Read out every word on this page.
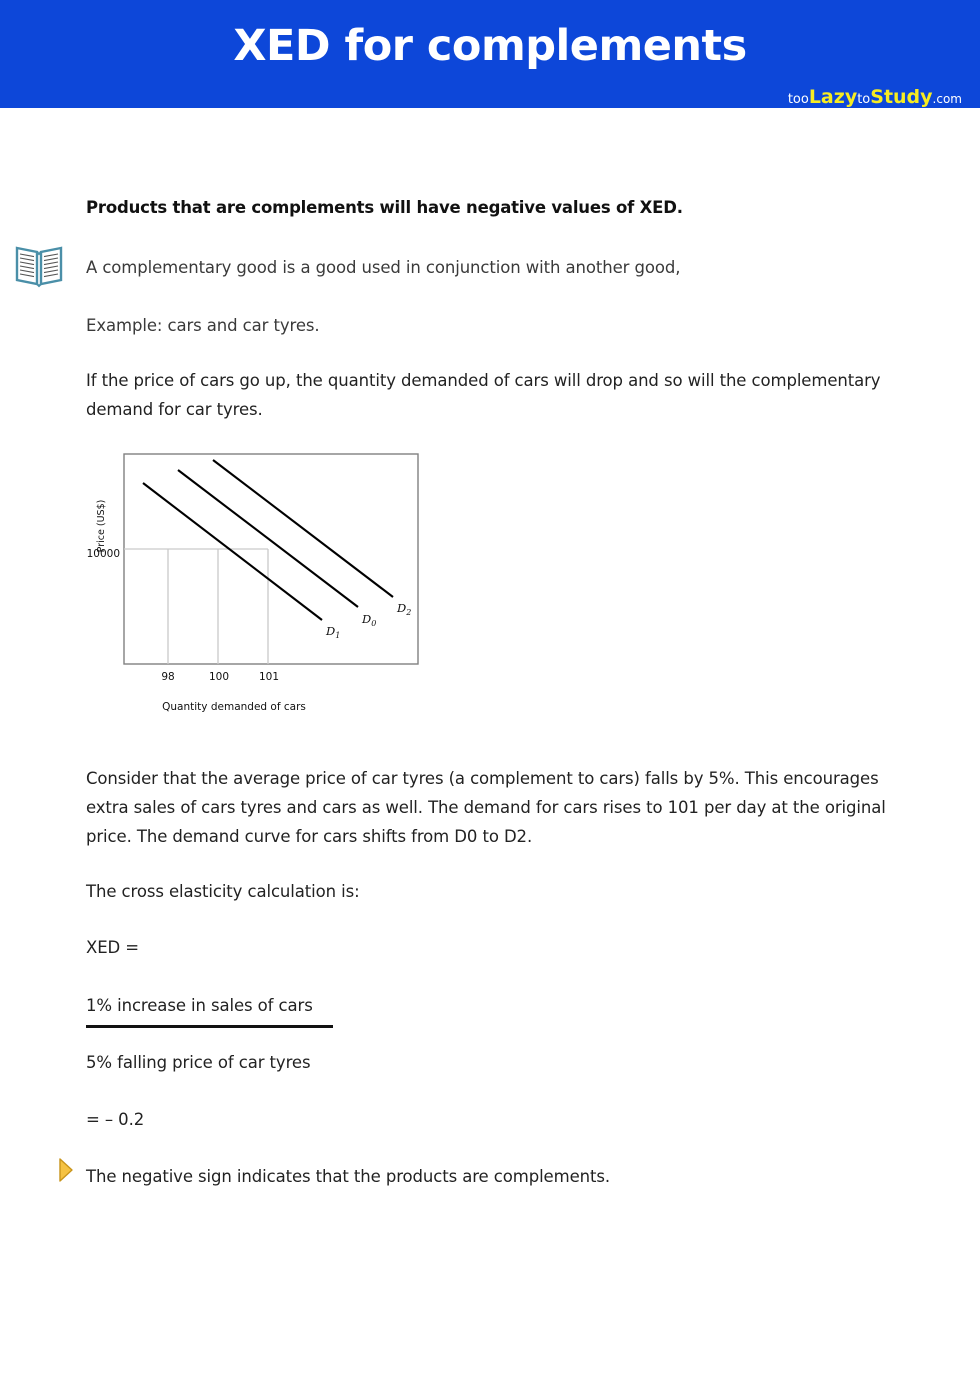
XED for complements
tooLazytoStudy.com
Products that are complements will have negative values of XED.
A complementary good is a good used in conjunction with another good,
Example: cars and car tyres.
If the price of cars go up, the quantity demanded of cars will drop and so will the complementary demand for car tyres.
$D_1$
$D_0$
$D_2$
10000
Price (US$)
98	100	101
Quantity demanded of cars
Consider that the average price of car tyres (a complement to cars) falls by 5%. This encourages extra sales of cars tyres and cars as well. The demand for cars rises to 101 per day at the original price. The demand curve for cars shifts from D0 to D2.
The cross elasticity calculation is:
XED =
1% increase in sales of cars
5% falling price of car tyres
= – 0.2
The negative sign indicates that the products are complements.
